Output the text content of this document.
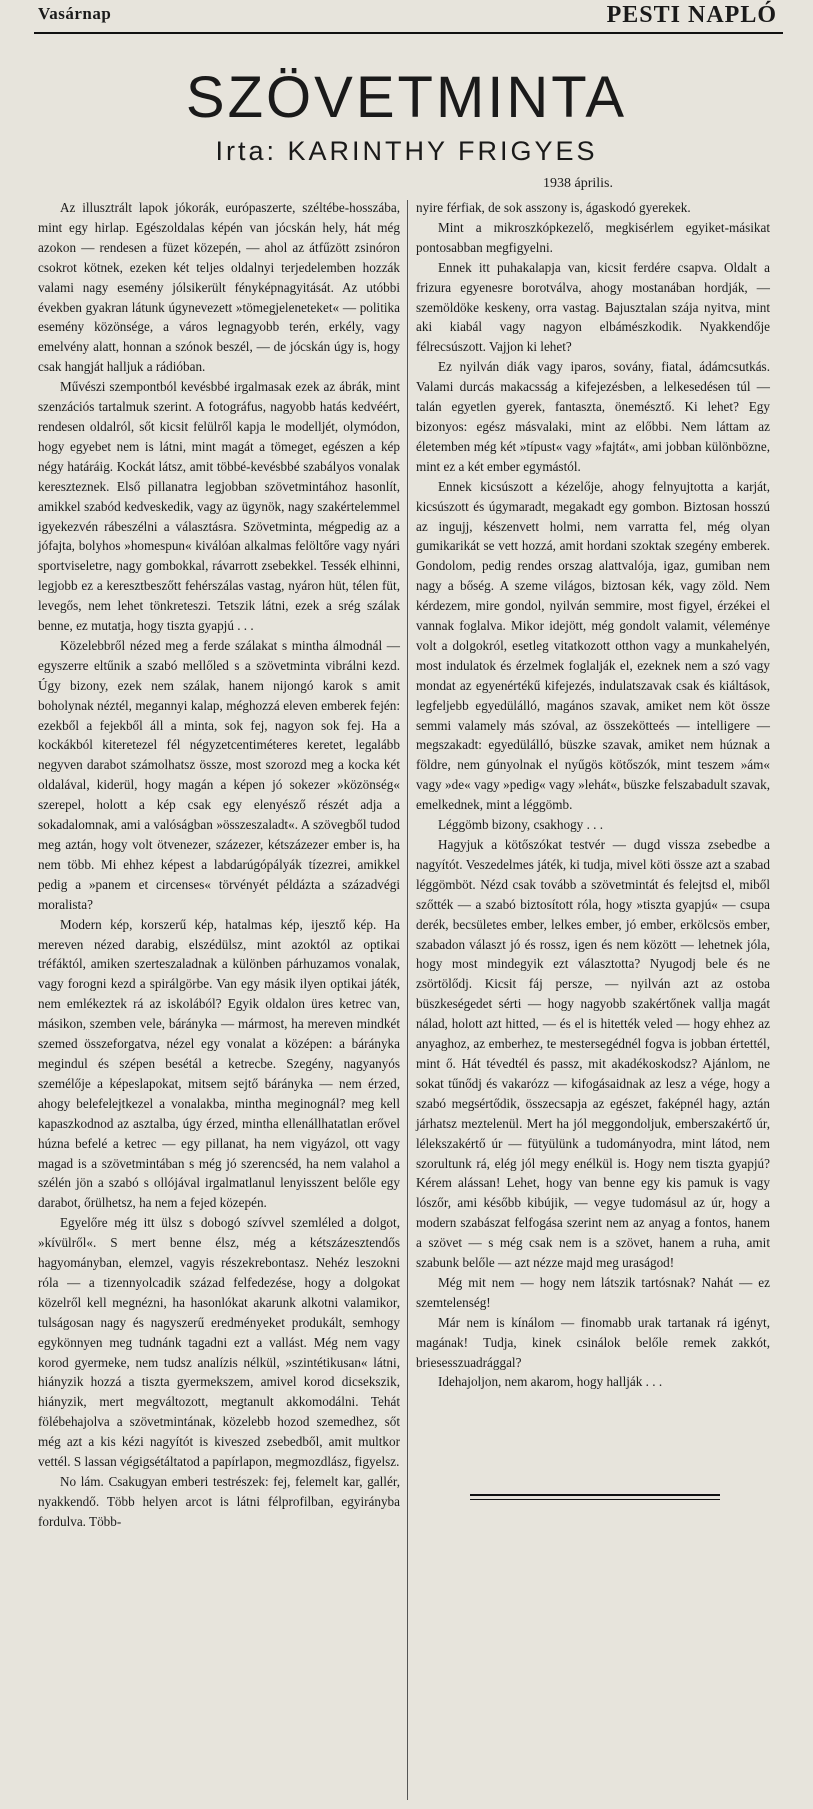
Vasárnap	PESTI NAPLÓ
SZÖVETMINTA
Irta: KARINTHY FRIGYES
1938 április.

Az illusztrált lapok jókorák, európaszerte, széltébe-hosszába, mint egy hirlap. Egészoldalas képén van jócskán hely, hát még azokon — rendesen a füzet közepén, — ahol az átfűzött zsinóron csokrot kötnek, ezeken két teljes oldalnyi terjedelemben hozzák valami nagy esemény jólsikerült fényképnagyitását. Az utóbbi években gyakran látunk úgynevezett »tömegjeleneteket« — politika esemény közönsége, a város legnagyobb terén, erkély, vagy emelvény alatt, honnan a szónok beszél, — de jócskán úgy is, hogy csak hangját halljuk a rádióban.

Művészi szempontból kevésbbé irgalmasak ezek az ábrák, mint szenzációs tartalmuk szerint. A fotográfus, nagyobb hatás kedvéért, rendesen oldalról, sőt kicsit felülről kapja le modelljét, olymódon, hogy egyebet nem is látni, mint magát a tömeget, egészen a kép négy határáig. Kockát látsz, amit többé-kevésbbé szabályos vonalak kereszteznek. Első pillanatra legjobban szövetmintához hasonlít, amikkel szabód kedveskedik, vagy az ügynök, nagy szakértelemmel igyekezvén rábeszélni a választásra. Szövetminta, mégpedig az a jófajta, bolyhos »homespun« kiválóan alkalmas felöltőre vagy nyári sportviseletre, nagy gombokkal, rávarrott zsebekkel. Tessék elhinni, legjobb ez a keresztbeszőtt fehérszálas vastag, nyáron hüt, télen füt, levegős, nem lehet tönkreteszi. Tetszik látni, ezek a srég szálak benne, ez mutatja, hogy tiszta gyapjú . . .

Közelebbről nézed meg a ferde szálakat s mintha álmodnál — egyszerre eltűnik a szabó mellőled s a szövetminta vibrálni kezd. Úgy bizony, ezek nem szálak, hanem nijongó karok s amit boholynak néztél, megannyi kalap, méghozzá eleven emberek fején: ezekből a fejekből áll a minta, sok fej, nagyon sok fej. Ha a kockákból kiteretezel fél négyzetcentiméteres keretet, legalább negyven darabot számolhatsz össze, most szorozd meg a kocka két oldalával, kiderül, hogy magán a képen jó sokezer »közönség« szerepel, holott a kép csak egy elenyésző részét adja a sokadalomnak, ami a valóságban »összeszaladt«. A szövegből tudod meg aztán, hogy volt ötvenezer, százezer, kétszázezer ember is, ha nem több. Mi ehhez képest a labdarúgópályák tízezrei, amikkel pedig a »panem et circenses« törvényét példázta a századvégi moralista?

Modern kép, korszerű kép, hatalmas kép, ijesztő kép. Ha mereven nézed darabig, elszédülsz, mint azoktól az optikai tréfáktól, amiken szerteszaladnak a különben párhuzamos vonalak, vagy forogni kezd a spirálgörbe. Van egy másik ilyen optikai játék, nem emlékeztek rá az iskolából? Egyik oldalon üres ketrec van, másikon, szemben vele, báránykа — mármost, ha mereven mindkét szemed összeforgatva, nézel egy vonalat a középen: a bárányka megindul és szépen besétál a ketrecbe. Szegény, nagyanyós személője a képeslapokat, mitsem sejtő bárányka — nem érzed, ahogy belefelejtkezel a vonalakba, mintha meginognál? meg kell kapaszkodnod az asztalba, úgy érzed, mintha ellenállhatatlan erővel húzna befelé a ketrec — egy pillanat, ha nem vigyázol, ott vagy magad is a szövetmintában s még jó szerencséd, ha nem valahol a szélén jön a szabó s ollójával irgalmatlanul lenyisszent belőle egy darabot, őrülhetsz, ha nem a fejed közepén.

Egyelőre még itt ülsz s dobogó szívvel szemléled a dolgot, »kívülről«. S mert benne élsz, még a kétszázesztendős hagyományban, elemzel, vagyis részekrebontasz. Nehéz leszokni róla — a tizennyolcadik század felfedezése, hogy a dolgokat közelről kell megnézni, ha hasonlókat akarunk alkotni valamikor, tulságosan nagy és nagyszerű eredményeket produkált, semhogy egykönnyen meg tudnánk tagadni ezt a vallást. Még nem vagy korod gyermeke, nem tudsz analízis nélkül, »szintétikusan« látni, hiányzik hozzá a tiszta gyermekszem, amivel korod dicsekszik, hiányzik, mert megváltozott, megtanult akkomodálni. Tehát fölébehajolva a szövetmintának, közelebb hozod szemedhez, sőt még azt a kis kézi nagyítót is kiveszed zsebedből, amit multkor vettél. S lassan végigsétáltatod a papírlapon, megmozdlász, figyelsz.

No lám. Csakugyan emberi testrészek: fej, felemelt kar, gallér, nyakkendő. Több helyen arcot is látni félprofilban, egyirányba fordulva. Több-

nyire férfiak, de sok asszony is, ágaskodó gyerekek.

Mint a mikroszkópkezelő, megkisérlem egyiket-másikat pontosabban megfigyelni.

Ennek itt puhakalapja van, kicsit ferdére csapva. Oldalt a frizura egyenesre borotválva, ahogy mostanában hordják, — szemöldöke keskeny, orra vastag. Bajusztalan szája nyitva, mint aki kiabál vagy nagyon elbámészkodik. Nyakkendője félrecsúszott. Vajjon ki lehet?

Ez nyilván diák vagy iparos, sovány, fiatal, ádámcsutkás. Valami durcás makacsság a kifejezésben, a lelkesedésen túl — talán egyetlen gyerek, fantaszta, önemésztő. Ki lehet? Egy bizonyos: egész másvalaki, mint az előbbi. Nem láttam az életemben még két »típust« vagy »fajtát«, ami jobban különbözne, mint ez a két ember egymástól.

Ennek kicsúszott a kézelője, ahogy felnyujtotta a karját, kicsúszott és úgymaradt, megakadt egy gombon. Biztosan hosszú az ingujj, készenvett holmi, nem varratta fel, még olyan gumikarikát se vett hozzá, amit hordani szoktak szegény emberek. Gondolom, pedig rendes orszag alattvalója, igaz, gumiban nem nagy a bőség. A szeme világos, biztosan kék, vagy zöld. Nem kérdezem, mire gondol, nyilván semmire, most figyel, érzékei el vannak foglalva. Mikor idejött, még gondolt valamit, véleménye volt a dolgokról, esetleg vitatkozott otthon vagy a munkahelyén, most indulatok és érzelmek foglalják el, ezeknek nem a szó vagy mondat az egyenértékű kifejezés, indulatszavak csak és kiáltások, legfeljebb egyedülálló, magános szavak, amiket nem köt össze semmi valamely más szóval, az összekötteés — intelligere — megszakadt: egyedülálló, büszke szavak, amiket nem húznak a földre, nem gúnyolnak el nyűgös kötőszók, mint teszem »ám« vagy »de« vagy »pedig« vagy »lehát«, büszke felszabadult szavak, emelkednek, mint a léggömb.

Léggömb bizony, csakhogy . . .

Hagyjuk a kötőszókat testvér — dugd vissza zsebedbe a nagyítót. Veszedelmes játék, ki tudja, mivel köti össze azt a szabad léggömböt. Nézd csak tovább a szövetmintát és felejtsd el, miből szőtték — a szabó biztosított róla, hogy »tiszta gyapjú« — csupa derék, becsületes ember, lelkes ember, jó ember, erkölcsös ember, szabadon választ jó és rossz, igen és nem között — lehetnek jóla, hogy most mindegyik ezt választotta? Nyugodj bele és ne zsörtölődj. Kicsit fáj persze, — nyilván azt az ostoba büszkeségedet sérti — hogy nagyobb szakértőnek vallja magát nálad, holott azt hitted, — és el is hitették veled — hogy ehhez az anyaghoz, az emberhez, te mestersegédnél fogva is jobban értettél, mint ő. Hát tévedtél és passz, mit akadékoskodsz? Ajánlom, ne sokat tűnődj és vakarózz — kifogásaidnak az lesz a vége, hogy a szabó megsértődik, összecsapja az egészet, faképnél hagy, aztán járhatsz meztelenül. Mert ha jól meggondoljuk, emberszakértő úr, lélekszakértő úr — fütyülünk a tudományodra, mint látod, nem szorultunk rá, elég jól megy enélkül is. Hogy nem tiszta gyapjú? Kérem alássan! Lehet, hogy van benne egy kis pamuk is vagy lószőr, ami később kibújik, — vegye tudomásul az úr, hogy a modern szabászat felfogása szerint nem az anyag a fontos, hanem a szövet — s még csak nem is a szövet, hanem a ruha, amit szabunk belőle — azt nézze majd meg uraságod!

Még mit nem — hogy nem látszik tartósnak? Nahát — ez szemtelenség!

Már nem is kínálom — finomabb urak tartanak rá igényt, magának! Tudja, kinek csinálok belőle remek zakkót, briesesszuadrággal?

Idehajoljon, nem akarom, hogy hallják . . .
